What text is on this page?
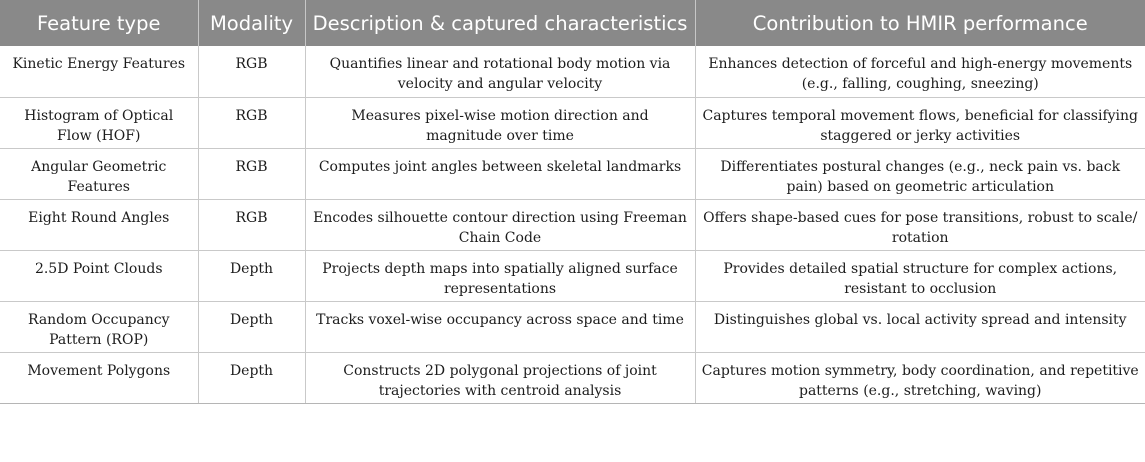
Feature type	Modality	Description & captured characteristics	Contribution to HMIR performance
Kinetic Energy Features	RGB	Quantifies linear and rotational body motion via velocity and angular velocity	Enhances detection of forceful and high-energy movements (e.g., falling, coughing, sneezing)
Histogram of Optical Flow (HOF)	RGB	Measures pixel-wise motion direction and magnitude over time	Captures temporal movement flows, beneficial for classifying staggered or jerky activities
Angular Geometric Features	RGB	Computes joint angles between skeletal landmarks	Differentiates postural changes (e.g., neck pain vs. back pain) based on geometric articulation
Eight Round Angles	RGB	Encodes silhouette contour direction using Freeman Chain Code	Offers shape-based cues for pose transitions, robust to scale/ rotation
2.5D Point Clouds	Depth	Projects depth maps into spatially aligned surface representations	Provides detailed spatial structure for complex actions, resistant to occlusion
Random Occupancy Pattern (ROP)	Depth	Tracks voxel-wise occupancy across space and time	Distinguishes global vs. local activity spread and intensity
Movement Polygons	Depth	Constructs 2D polygonal projections of joint trajectories with centroid analysis	Captures motion symmetry, body coordination, and repetitive patterns (e.g., stretching, waving)
